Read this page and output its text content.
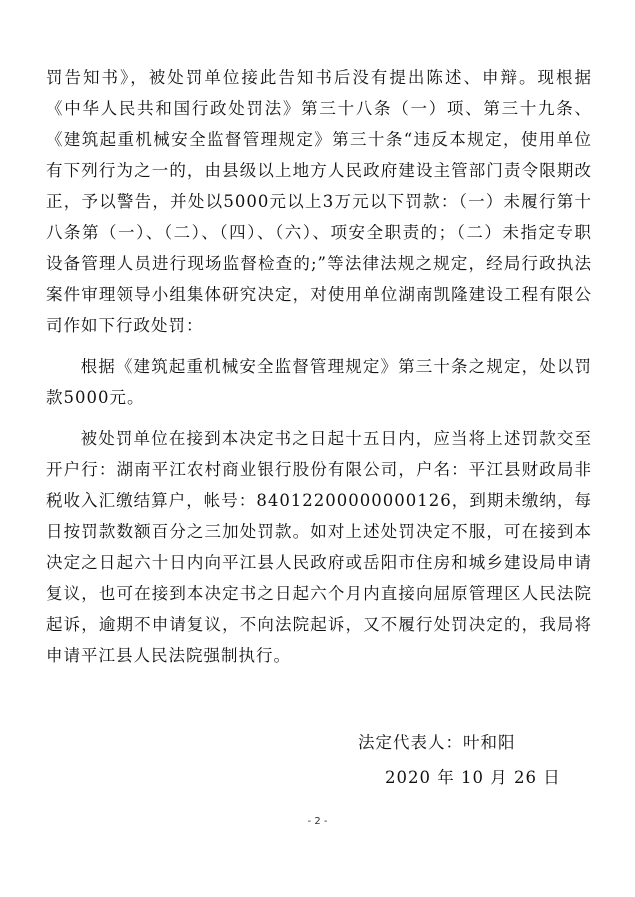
罚告知书》，被处罚单位接此告知书后没有提出陈述、申辩。现根据《中华人民共和国行政处罚法》第三十八条（一）项、第三十九条、《建筑起重机械安全监督管理规定》第三十条“违反本规定，使用单位有下列行为之一的，由县级以上地方人民政府建设主管部门责令限期改正，予以警告，并处以5000元以上3万元以下罚款：（一）未履行第十八条第（一）、（二）、（四）、（六）、项安全职责的；（二）未指定专职设备管理人员进行现场监督检查的;”等法律法规之规定，经局行政执法案件审理领导小组集体研究决定，对使用单位湖南凯隆建设工程有限公司作如下行政处罚：

根据《建筑起重机械安全监督管理规定》第三十条之规定，处以罚款5000元。

被处罚单位在接到本决定书之日起十五日内，应当将上述罚款交至开户行：湖南平江农村商业银行股份有限公司，户名：平江县财政局非税收入汇缴结算户，帐号：84012200000000126，到期未缴纳，每日按罚款数额百分之三加处罚款。如对上述处罚决定不服，可在接到本决定之日起六十日内向平江县人民政府或岳阳市住房和城乡建设局申请复议，也可在接到本决定书之日起六个月内直接向屈原管理区人民法院起诉，逾期不申请复议，不向法院起诉，又不履行处罚决定的，我局将申请平江县人民法院强制执行。

法定代表人：叶和阳
2020 年 10 月 26 日
- 2 -
